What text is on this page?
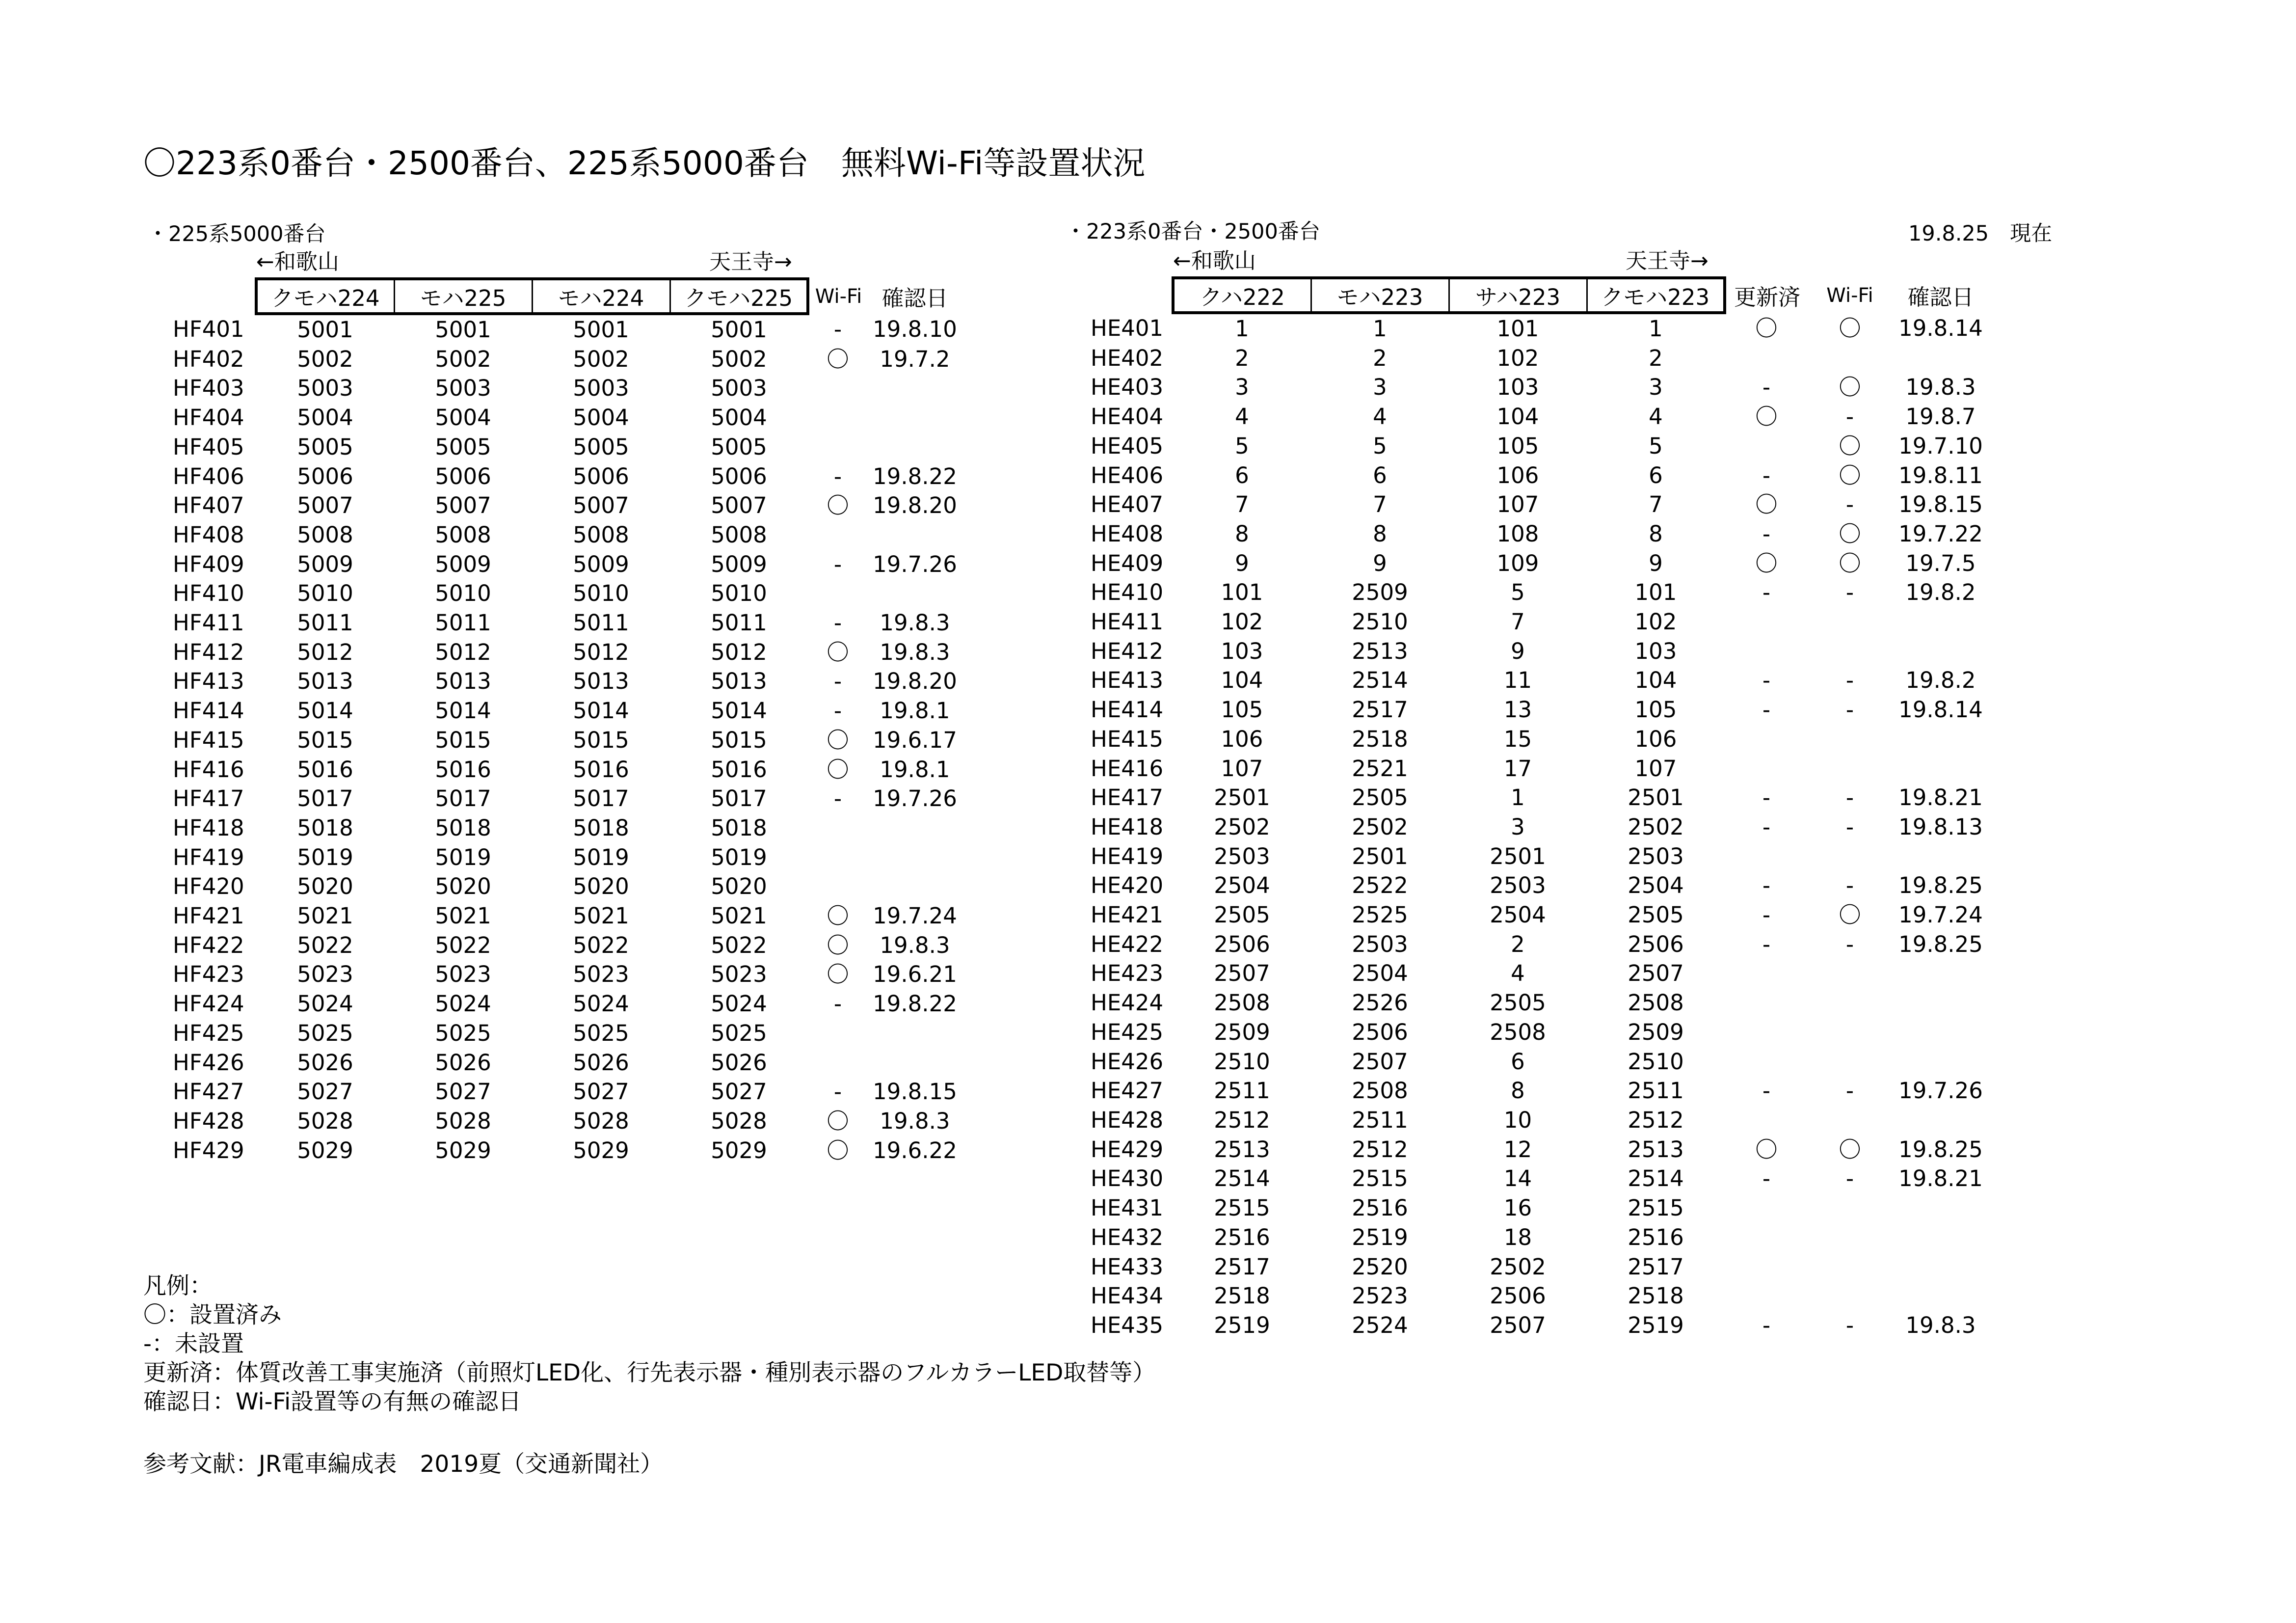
〇223系0番台・2500番台、225系5000番台　無料Wi-Fi等設置状況
19.8.25　現在
・225系5000番台
←和歌山	天王寺→
	クモハ224	モハ225	モハ224	クモハ225	Wi-Fi	確認日
HF401	5001	5001	5001	5001	-	19.8.10
HF402	5002	5002	5002	5002	〇	19.7.2
HF403	5003	5003	5003	5003		
HF404	5004	5004	5004	5004		
HF405	5005	5005	5005	5005		
HF406	5006	5006	5006	5006	-	19.8.22
HF407	5007	5007	5007	5007	〇	19.8.20
HF408	5008	5008	5008	5008		
HF409	5009	5009	5009	5009	-	19.7.26
HF410	5010	5010	5010	5010		
HF411	5011	5011	5011	5011	-	19.8.3
HF412	5012	5012	5012	5012	〇	19.8.3
HF413	5013	5013	5013	5013	-	19.8.20
HF414	5014	5014	5014	5014	-	19.8.1
HF415	5015	5015	5015	5015	〇	19.6.17
HF416	5016	5016	5016	5016	〇	19.8.1
HF417	5017	5017	5017	5017	-	19.7.26
HF418	5018	5018	5018	5018		
HF419	5019	5019	5019	5019		
HF420	5020	5020	5020	5020		
HF421	5021	5021	5021	5021	〇	19.7.24
HF422	5022	5022	5022	5022	〇	19.8.3
HF423	5023	5023	5023	5023	〇	19.6.21
HF424	5024	5024	5024	5024	-	19.8.22
HF425	5025	5025	5025	5025		
HF426	5026	5026	5026	5026		
HF427	5027	5027	5027	5027	-	19.8.15
HF428	5028	5028	5028	5028	〇	19.8.3
HF429	5029	5029	5029	5029	〇	19.6.22
・223系0番台・2500番台
←和歌山	天王寺→
	クハ222	モハ223	サハ223	クモハ223	更新済	Wi-Fi	確認日
HE401	1	1	101	1	〇	〇	19.8.14
HE402	2	2	102	2			
HE403	3	3	103	3	-	〇	19.8.3
HE404	4	4	104	4	〇	-	19.8.7
HE405	5	5	105	5		〇	19.7.10
HE406	6	6	106	6	-	〇	19.8.11
HE407	7	7	107	7	〇	-	19.8.15
HE408	8	8	108	8	-	〇	19.7.22
HE409	9	9	109	9	〇	〇	19.7.5
HE410	101	2509	5	101	-	-	19.8.2
HE411	102	2510	7	102			
HE412	103	2513	9	103			
HE413	104	2514	11	104	-	-	19.8.2
HE414	105	2517	13	105	-	-	19.8.14
HE415	106	2518	15	106			
HE416	107	2521	17	107			
HE417	2501	2505	1	2501	-	-	19.8.21
HE418	2502	2502	3	2502	-	-	19.8.13
HE419	2503	2501	2501	2503			
HE420	2504	2522	2503	2504	-	-	19.8.25
HE421	2505	2525	2504	2505	-	〇	19.7.24
HE422	2506	2503	2	2506	-	-	19.8.25
HE423	2507	2504	4	2507			
HE424	2508	2526	2505	2508			
HE425	2509	2506	2508	2509			
HE426	2510	2507	6	2510			
HE427	2511	2508	8	2511	-	-	19.7.26
HE428	2512	2511	10	2512			
HE429	2513	2512	12	2513	〇	〇	19.8.25
HE430	2514	2515	14	2514	-	-	19.8.21
HE431	2515	2516	16	2515			
HE432	2516	2519	18	2516			
HE433	2517	2520	2502	2517			
HE434	2518	2523	2506	2518			
HE435	2519	2524	2507	2519	-	-	19.8.3
凡例：
〇：設置済み
-：未設置
更新済：体質改善工事実施済（前照灯LED化、行先表示器・種別表示器のフルカラーLED取替等）
確認日：Wi-Fi設置等の有無の確認日
参考文献：JR電車編成表　2019夏（交通新聞社）
